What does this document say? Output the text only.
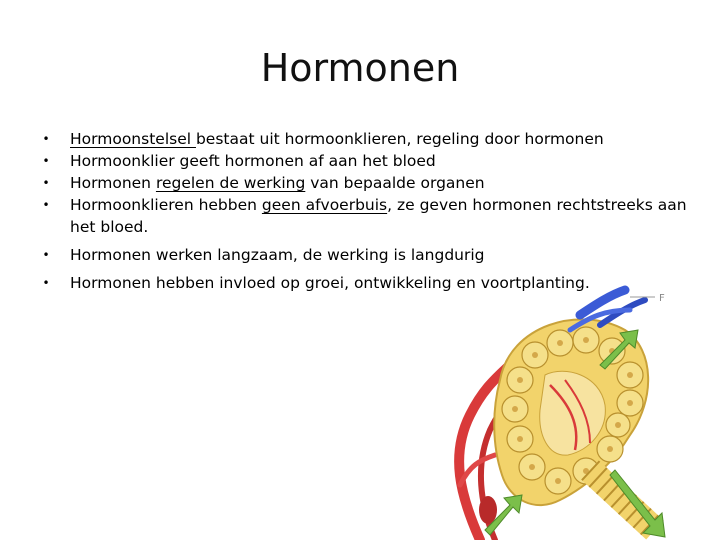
Hormonen
• Hormoonstelsel bestaat uit hormoonklieren, regeling door hormonen
• Hormoonklier geeft hormonen af aan het bloed
• Hormonen regelen de werking van bepaalde organen
• Hormoonklieren hebben geen afvoerbuis, ze geven hormonen rechtstreeks aan het bloed.
• Hormonen werken langzaam, de werking is langdurig
• Hormonen hebben invloed op groei, ontwikkeling en voortplanting.
F
